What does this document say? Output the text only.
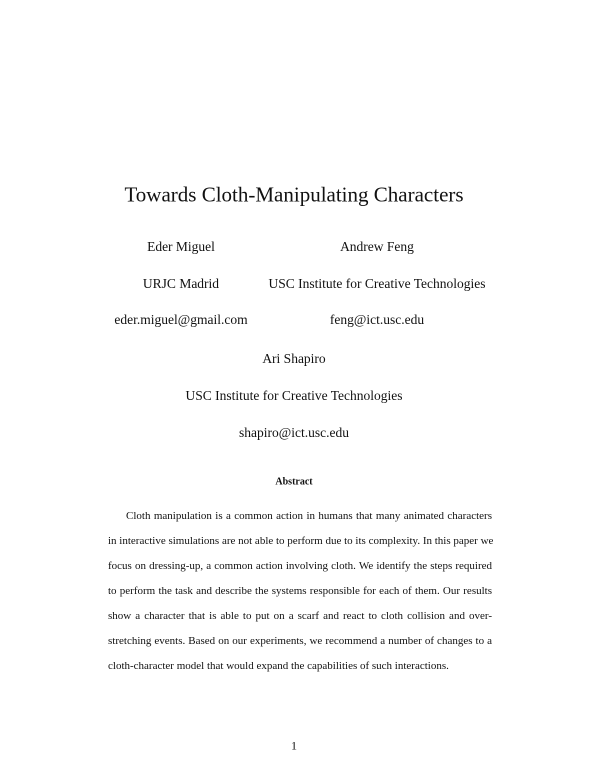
Towards Cloth-Manipulating Characters
Eder Miguel
URJC Madrid
eder.miguel@gmail.com
Andrew Feng
USC Institute for Creative Technologies
feng@ict.usc.edu
Ari Shapiro
USC Institute for Creative Technologies
shapiro@ict.usc.edu
Abstract
Cloth manipulation is a common action in humans that many animated characters
in interactive simulations are not able to perform due to its complexity. In this paper we
focus on dressing-up, a common action involving cloth. We identify the steps required
to perform the task and describe the systems responsible for each of them. Our results
show a character that is able to put on a scarf and react to cloth collision and over-
stretching events. Based on our experiments, we recommend a number of changes to a
cloth-character model that would expand the capabilities of such interactions.
1
